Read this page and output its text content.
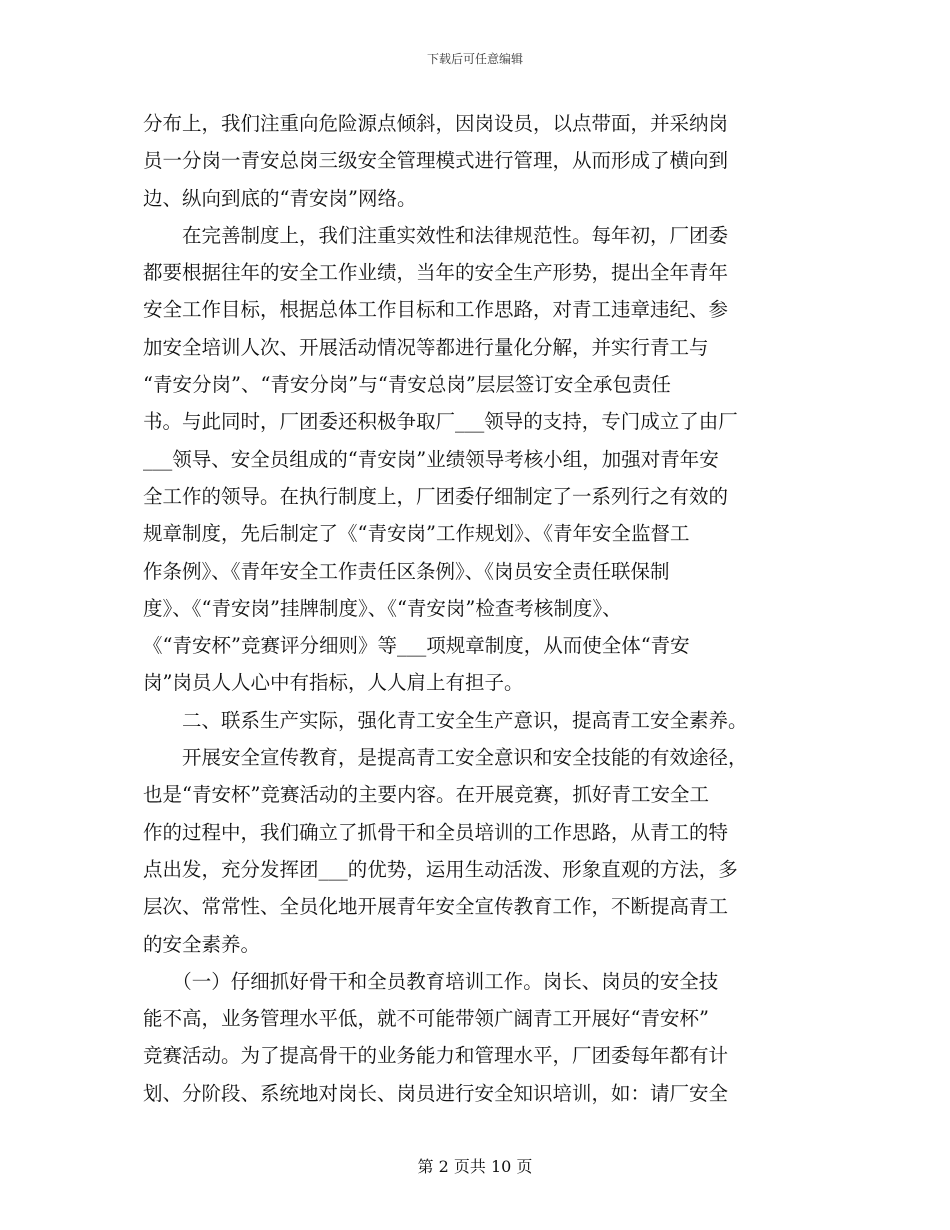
下载后可任意编辑
分布上，我们注重向危险源点倾斜，因岗设员，以点带面，并采纳岗
员一分岗一青安总岗三级安全管理模式进行管理，从而形成了横向到
边、纵向到底的“青安岗”网络。
　　在完善制度上，我们注重实效性和法律规范性。每年初，厂团委
都要根据往年的安全工作业绩，当年的安全生产形势，提出全年青年
安全工作目标，根据总体工作目标和工作思路，对青工违章违纪、参
加安全培训人次、开展活动情况等都进行量化分解，并实行青工与
“青安分岗”、“青安分岗”与“青安总岗”层层签订安全承包责任
书。与此同时，厂团委还积极争取厂___领导的支持，专门成立了由厂
___领导、安全员组成的“青安岗”业绩领导考核小组，加强对青年安
全工作的领导。在执行制度上，厂团委仔细制定了一系列行之有效的
规章制度，先后制定了《“青安岗”工作规划》、《青年安全监督工
作条例》、《青年安全工作责任区条例》、《岗员安全责任联保制
度》、《“青安岗”挂牌制度》、《“青安岗”检查考核制度》、
《“青安杯”竞赛评分细则》等___项规章制度，从而使全体“青安
岗”岗员人人心中有指标，人人肩上有担子。
　　二、联系生产实际，强化青工安全生产意识，提高青工安全素养。
　　开展安全宣传教育，是提高青工安全意识和安全技能的有效途径，
也是“青安杯”竞赛活动的主要内容。在开展竞赛，抓好青工安全工
作的过程中，我们确立了抓骨干和全员培训的工作思路，从青工的特
点出发，充分发挥团___的优势，运用生动活泼、形象直观的方法，多
层次、常常性、全员化地开展青年安全宣传教育工作，不断提高青工
的安全素养。
　　（一）仔细抓好骨干和全员教育培训工作。岗长、岗员的安全技
能不高，业务管理水平低，就不可能带领广阔青工开展好“青安杯”
竞赛活动。为了提高骨干的业务能力和管理水平，厂团委每年都有计
划、分阶段、系统地对岗长、岗员进行安全知识培训，如：请厂安全
第 2 页共 10 页
